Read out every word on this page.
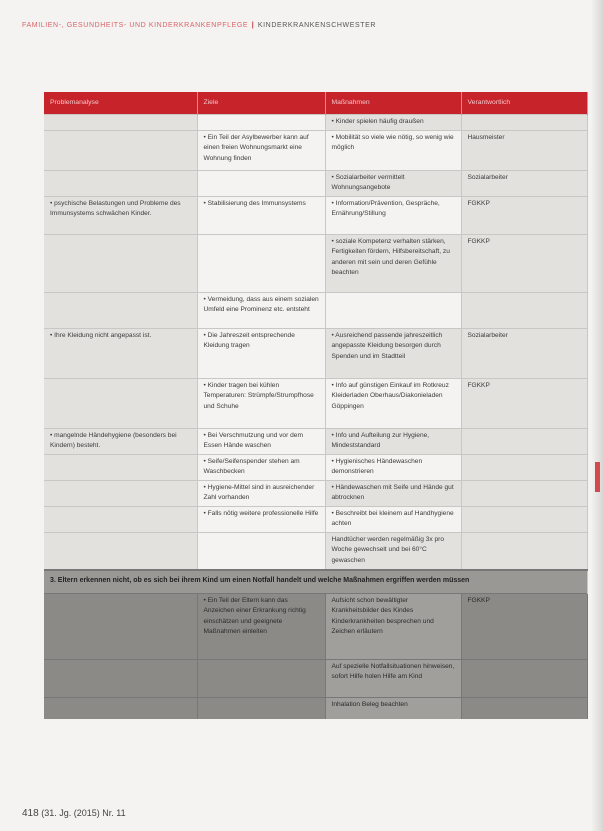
FAMILIEN-, GESUNDHEITS- UND KINDERKRANKENPFLEGE | KINDERKRANKENSCHWESTER
Problemanalyse	Ziele	Maßnahmen	Verantwortlich
		• Kinder spielen häufig draußen	
	• Ein Teil der Asylbewerber kann auf einen freien Wohnungsmarkt eine Wohnung finden	• Mobilität so viele wie nötig, so wenig wie möglich	Hausmeister
		• Sozialarbeiter vermittelt Wohnungsangebote	Sozialarbeiter
• psychische Belastungen und Probleme des Immunsystems schwächen Kinder.	• Stabilisierung des Immunsystems	• Information/Prävention, Gespräche, Ernährung/Stillung	FGKKP
		• soziale Kompetenz verhalten stärken, Fertigkeiten fördern, Hilfsbereitschaft, zu anderen mit sein und deren Gefühle beachten	FGKKP
	• Vermeidung, dass aus einem sozialen Umfeld eine Prominenz etc. entsteht		
• Ihre Kleidung nicht angepasst ist.	• Die Jahreszeit entsprechende Kleidung tragen	• Ausreichend passende jahreszeitlich angepasste Kleidung besorgen durch Spenden und im Stadtteil	Sozialarbeiter
	• Kinder tragen bei kühlen Temperaturen: Strümpfe/Strumpfhose und Schuhe	• Info auf günstigen Einkauf im Rotkreuz Kleiderladen Oberhaus/Diakonieladen Göppingen	FGKKP
• mangelnde Händehygiene (besonders bei Kindern) besteht.	• Bei Verschmutzung und vor dem Essen Hände waschen	• Info und Aufteilung zur Hygiene, Mindeststandard	
	• Seife/Seifenspender stehen am Waschbecken	• Hygienisches Händewaschen demonstrieren	
	• Hygiene-Mittel sind in ausreichender Zahl vorhanden	• Händewaschen mit Seife und Hände gut abtrocknen	
	• Falls nötig weitere professionelle Hilfe	• Beschreibt bei kleinem auf Handhygiene achten	
		Handtücher werden regelmäßig 3x pro Woche gewechselt und bei 60°C gewaschen	
3. Eltern erkennen nicht, ob es sich bei ihrem Kind um einen Notfall handelt und welche Maßnahmen ergriffen werden müssen			
	• Ein Teil der Eltern kann das Anzeichen einer Erkrankung richtig einschätzen und geeignete Maßnahmen einleiten	Aufsicht schon bewältigter Krankheitsbilder des Kindes Kinderkrankheiten besprechen und Zeichen erläutern	FGKKP
		Auf spezielle Notfallsituationen hinweisen, sofort Hilfe holen Hilfe am Kind	
		Inhalation Beleg beachten	
418 (31. Jg. (2015) Nr. 11
